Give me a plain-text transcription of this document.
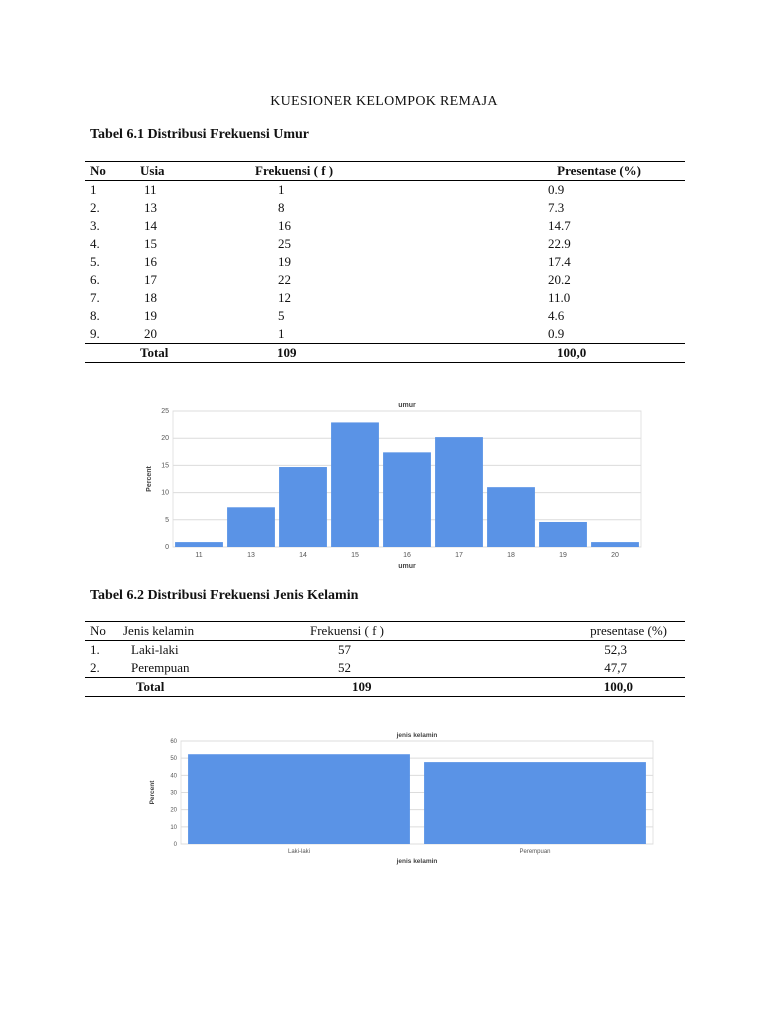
KUESIONER KELOMPOK REMAJA
Tabel 6.1 Distribusi Frekuensi Umur
No	Usia	Frekuensi ( f )	Presentase (%)
1	11	1	0.9
2.	13	8	7.3
3.	14	16	14.7
4.	15	25	22.9
5.	16	19	17.4
6.	17	22	20.2
7.	18	12	11.0
8.	19	5	4.6
9.	20	1	0.9
	Total	109	100,0
0
5
10
15
20
25
11	13	14	15	16	17	18	19	20
umur
umur
Percent
Tabel 6.2 Distribusi Frekuensi Jenis Kelamin
No	Jenis kelamin	Frekuensi ( f )	presentase (%)
1.	Laki-laki	57	52,3
2.	Perempuan	52	47,7
	Total	109	100,0
0
10
20
30
40
50
60
Laki-laki	Perempuan
jenis kelamin
jenis kelamin
Percent
